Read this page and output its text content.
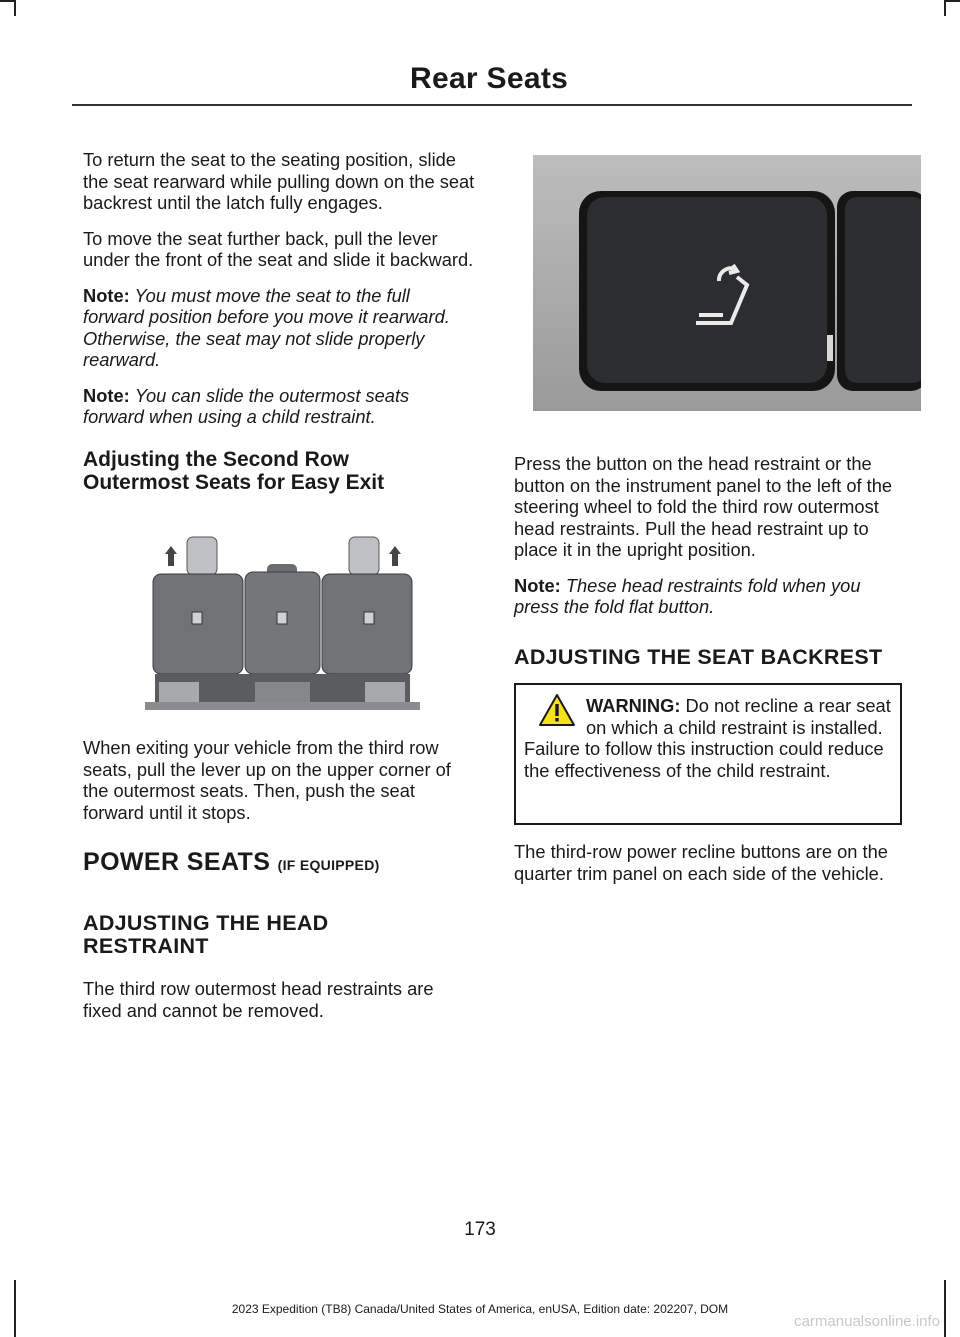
Rear Seats

To return the seat to the seating position, slide the seat rearward while pulling down on the seat backrest until the latch fully engages.

To move the seat further back, pull the lever under the front of the seat and slide it backward.

Note: You must move the seat to the full forward position before you move it rearward. Otherwise, the seat may not slide properly rearward.

Note: You can slide the outermost seats forward when using a child restraint.

Adjusting the Second Row Outermost Seats for Easy Exit

When exiting your vehicle from the third row seats, pull the lever up on the upper corner of the outermost seats. Then, push the seat forward until it stops.

POWER SEATS (IF EQUIPPED)
ADJUSTING THE HEAD RESTRAINT

The third row outermost head restraints are fixed and cannot be removed.

Press the button on the head restraint or the button on the instrument panel to the left of the steering wheel to fold the third row outermost head restraints. Pull the head restraint up to place it in the upright position.

Note: These head restraints fold when you press the fold flat button.

ADJUSTING THE SEAT BACKREST
WARNING: Do not recline a rear seat on which a child restraint is installed. Failure to follow this instruction could reduce the effectiveness of the child restraint.

The third-row power recline buttons are on the quarter trim panel on each side of the vehicle.

173
2023 Expedition (TB8) Canada/United States of America, enUSA, Edition date: 202207, DOM
carmanualsonline.info
